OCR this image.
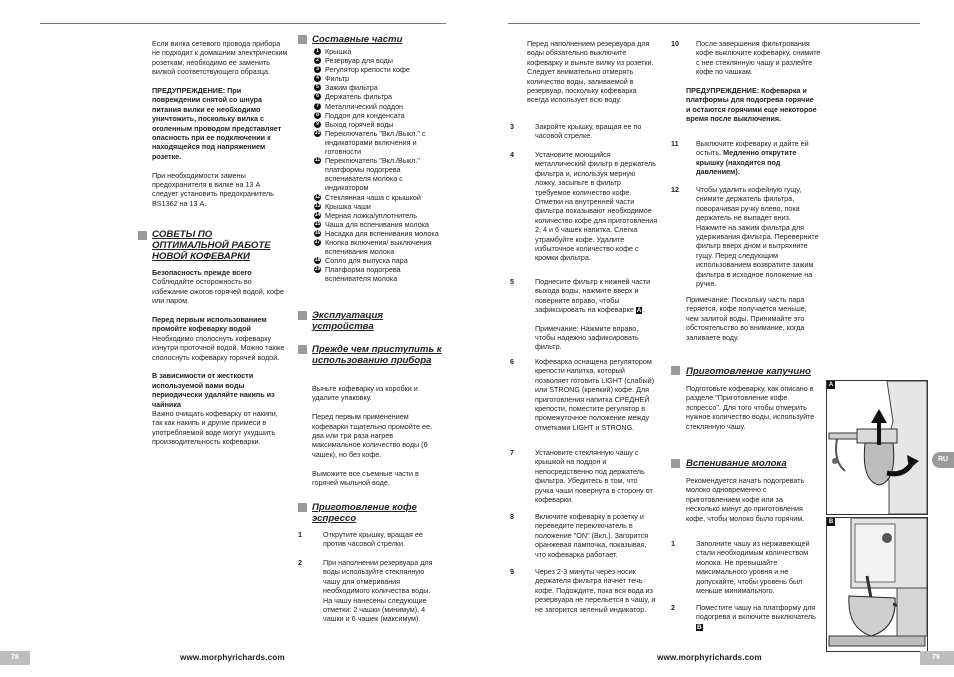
Если вилка сетевого провода прибора не подходит к домашним электрическим розеткам, необходимо ее заменить вилкой соответствующего образца.

ПРЕДУПРЕЖДЕНИЕ: При повреждении снятой со шнура питания вилки ее необходимо уничтожить, поскольку вилка с оголенным проводом представляет опасность при ее подключении к находящейся под напряжением розетке.

При необходимости замены предохранителя в вилке на 13 А следует установить предохранитель BS1362 на 13 А.

СОВЕТЫ ПО ОПТИМАЛЬНОЙ РАБОТЕ НОВОЙ КОФЕВАРКИ

Безопасность прежде всего

Соблюдайте осторожность во избежание ожогов горячей водой, кофе или паром.

Перед первым использованием промойте кофеварку водой

Необходимо сполоснуть кофеварку изнутри проточной водой. Можно также сполоснуть кофеварку горячей водой.

В зависимости от жесткости используемой вами воды периодически удаляйте накипь из чайника

Важно очищать кофеварку от накипи, так как накипь и другие примеси в употребляемой воде могут ухудшить производительность кофеварки.

Составные части
1 Крышка
2 Резервуар для воды
3 Регулятор крепости кофе
4 Фильтр
5 Зажим фильтра
6 Держатель фильтра
7 Металлический поддон
8 Поддон для конденсата
9 Выход горячей воды
10 Переключатель "Вкл./Выкл." с индикаторами включения и готовности
11 Переключатель "Вкл./Выкл." платформы подогрева вспенивателя молока с индикатором
12 Стеклянная чаша с крышкой
13 Крышка чаши
14 Мерная ложка/уплотнитель
15 Чаша для вспенивания молока
16 Насадка для вспенивания молока
17 Кнопка включения/ выключения вспенивания молока
18 Сопло для выпуска пара
19 Платформа подогрева вспенивателя молока
Эксплуатация устройства
Прежде чем приступить к использованию прибора

Выньте кофеварку из коробки и удалите упаковку.

Перед первым применением кофеварки тщательно промойте ее, два или три раза нагрев максимальное количество воды (6 чашек), но без кофе.

Выможите все съемные части в горячей мыльной воде.

Приготовление кофе эспрессо
1	Открутите крышку, вращая ее против часовой стрелки.
2	При наполнении резервуара для воды используйте стеклянную чашу для отмеривания необходимого количества воды. На чашу нанесены следующие отметки: 2 чашки (минимум), 4 чашки и 6 чашек (максимум).
Перед наполнением резервуара для воды обязательно выключите кофеварку и выньте вилку из розетки. Следует внимательно отмерять количество воды, заливаемой в резервуар, поскольку кофеварка всегда использует всю воду.
3	Закройте крышку, вращая ее по часовой стрелке.
4	Установите моющийся металлический фильтр в держатель фильтра и, используя мерную ложку, засыпьте в фильтр требуемое количество кофе. Отметки на внутренней части фильтра показывают необходимое количество кофе для приготовления 2, 4 и 6 чашек напитка. Слегка утрамбуйте кофе. Удалите избыточное количество кофе с кромки фильтра.
5	Поднесите фильтр к нижней части выхода воды, нажмите вверх и поверните вправо, чтобы зафиксировать на кофеварке A.
Примечание: Нажмите вправо, чтобы надежно зафиксировать фильтр.
6	Кофеварка оснащена регулятором крепости напитка, который позволяет готовить LIGHT (слабый) или STRONG (крепкий) кофе. Для приготовления напитка СРЕДНЕЙ крепости, поместите регулятор в промежуточное положение между отметками LIGHT и STRONG.
7	Установите стеклянную чашу с крышкой на поддон и непосредственно под держатель фильтра. Убедитесь в том, что ручка чаши повернута в сторону от кофеварки.
8	Включите кофеварку в розетку и переведите переключатель в положение "ON" (Вкл.). Загорится оранжевая лампочка, показывая, что кофеварка работает.
9	Через 2-3 минуты через носик держателя фильтра начнет течь кофе. Подождите, пока вся вода из резервуара не перельется в чашу, и не загорится зеленый индикатор.
10 После завершения фильтрования кофе выключите кофеварку, снимите с нее стеклянную чашу и разлейте кофе по чашкам.
ПРЕДУПРЕЖДЕНИЕ: Кофеварка и платформы для подогрева горячие и остаются горячими еще некоторое время после выключения.
11 Выключите кофеварку и дайте ей остыть. Медленно открутите крышку (находится под давлением).
12 Чтобы удалить кофейную гущу, снимите держатель фильтра, поворачивая ручку влево, пока держатель не выпадет вниз. Нажмите на зажим фильтра для удерживания фильтра. Переверните фильтр вверх дном и вытряхните гущу. Перед следующим использованием возвратите зажим фильтра в исходное положение на ручке.
Примечание: Поскольку часть пара теряется, кофе получается меньше, чем залитой воды. Принимайте это обстоятельство во внимание, когда заливаете воду.
Приготовление капучино
Подготовьте кофеварку, как описано в разделе "Приготовление кофе эспрессо". Для того чтобы отмерить нужное количество воды, используйте стеклянную чашу.
Вспенивание молока
Рекомендуется начать подогревать молоко одновременно с приготовлением кофе или за несколько минут до приготовления кофе, чтобы молоко было горячим.
1	Заполните чашу из нержавеющей стали необходимым количеством молока. Не превышайте максимального уровня и не допускайте, чтобы уровень был меньше минимального.
2	Поместите чашу на платформу для подогрева и включите выключатель B.
A
B
78	www.morphyrichards.com	www.morphyrichards.com	79
RU
